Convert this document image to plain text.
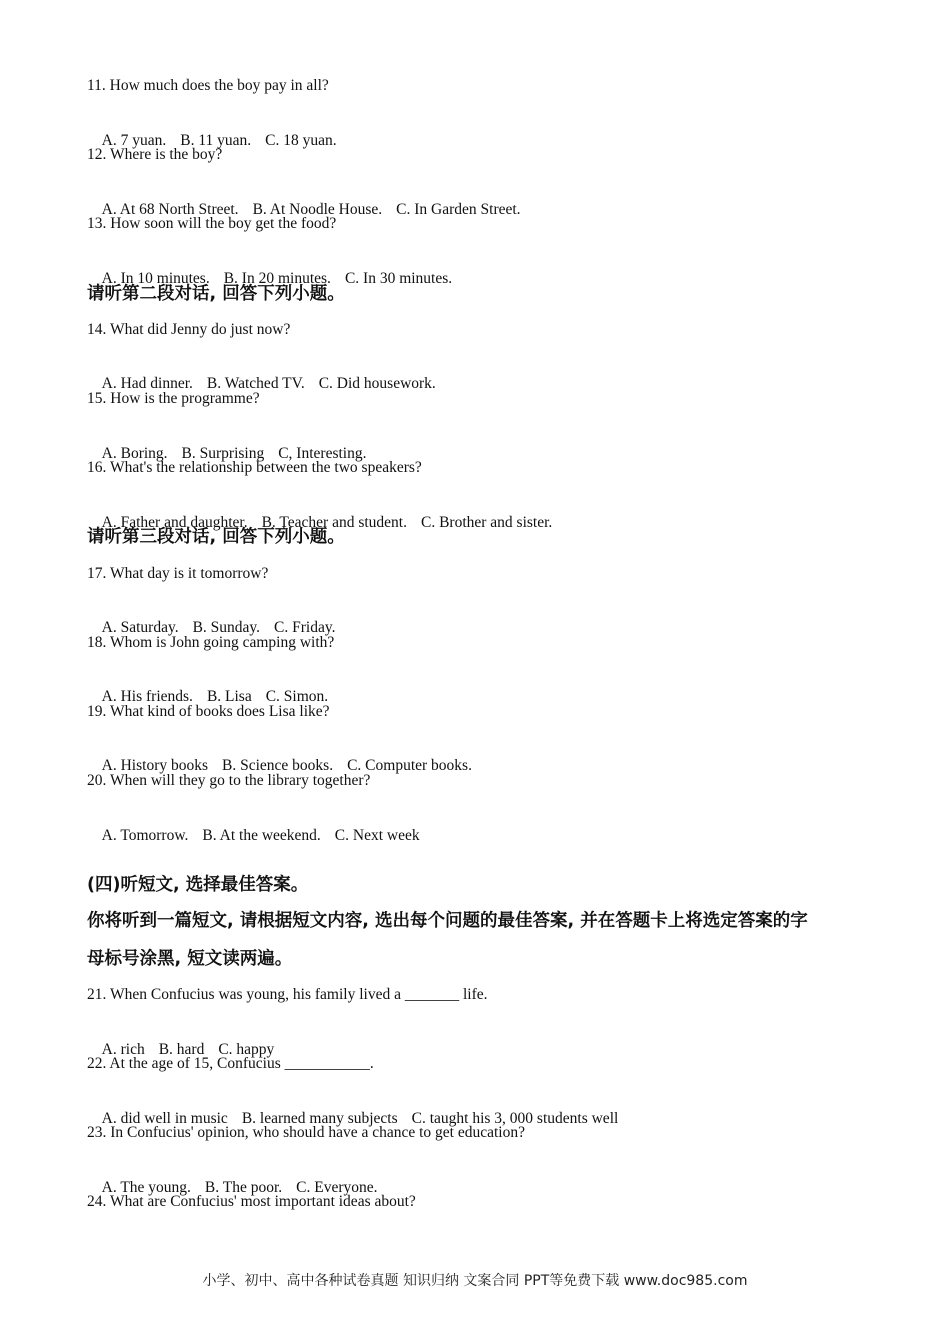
11. How much does the boy pay in all?

A. 7 yuan. B. 11 yuan. C. 18 yuan.

12. Where is the boy?

A. At 68 North Street. B. At Noodle House. C. In Garden Street.

13. How soon will the boy get the food?

A. In 10 minutes. B. In 20 minutes. C. In 30 minutes.

请听第二段对话, 回答下列小题。
14. What did Jenny do just now?

A. Had dinner. B. Watched TV. C. Did housework.

15. How is the programme?

A. Boring. B. Surprising C, Interesting.

16. What's the relationship between the two speakers?

A. Father and daughter. B. Teacher and student. C. Brother and sister.

请听第三段对话, 回答下列小题。
17. What day is it tomorrow?

A. Saturday. B. Sunday. C. Friday.

18. Whom is John going camping with?

A. His friends. B. Lisa C. Simon.

19. What kind of books does Lisa like?

A. History books B. Science books. C. Computer books.

20. When will they go to the library together?

A. Tomorrow. B. At the weekend. C. Next week

(四)听短文, 选择最佳答案。
你将听到一篇短文, 请根据短文内容, 选出每个问题的最佳答案, 并在答题卡上将选定答案的字
母标号涂黑, 短文读两遍。
21. When Confucius was young, his family lived a _______ life.

A. rich B. hard C. happy

22. At the age of 15, Confucius ___________.

A. did well in music B. learned many subjects C. taught his 3, 000 students well

23. In Confucius' opinion, who should have a chance to get education?

A. The young. B. The poor. C. Everyone.

24. What are Confucius' most important ideas about?
小学、初中、高中各种试卷真题 知识归纳 文案合同 PPT等免费下载 www.doc985.com
